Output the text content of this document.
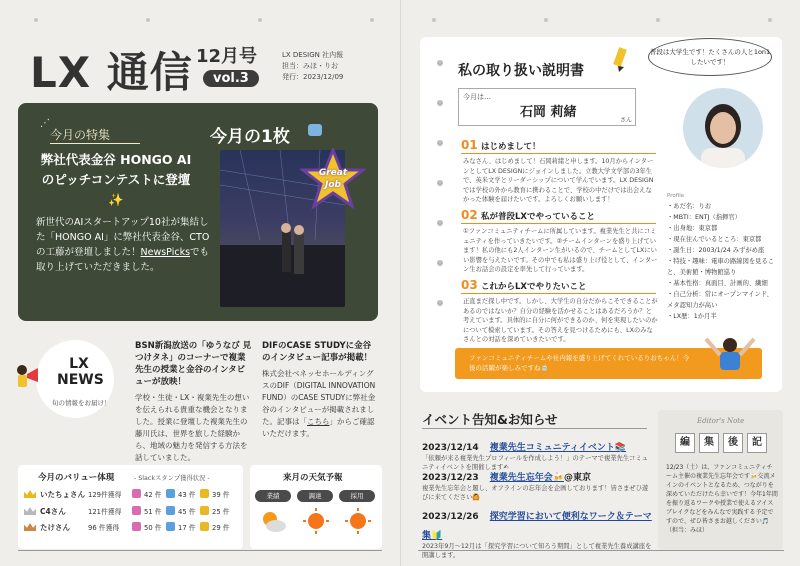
LX 通信 12月号
vol.3
LX DESIGN 社内報
担当：みほ・りお
発行：2023/12/09
⋰
今月の特集
弊社代表金谷 HONGO AIのピッチコンテストに登壇✨
新世代のAIスタートアップ10社が集結した「HONGO AI」に弊社代表金谷、CTOの工藤が登壇しました！NewsPicksでも取り上げていただきました。
今月の1枚
Great
Job
LX
NEWS
旬の情報をお届け！
BSN新潟放送の「ゆうなび 見つけタネ」のコーナーで複業先生の授業と金谷のインタビューが放映！
学校・生徒・LX・複業先生の想いを伝えられる貴重な機会となりました。授業に登壇した複業先生の藤川氏は、世界を旅した経験から、地域の魅力を発信する方法を話していました。
DIFのCASE STUDYに金谷のインタビュー記事が掲載！
株式会社ベネッセホールディングスのDIF（DIGITAL INNOVATION FUND）のCASE STUDYに弊社金谷のインタビューが掲載されました。記事は「こちら」からご確認いただけます。
今月のバリュー体現	- Slackスタンプ獲得状況 -
いたちょさん 129件獲得	42 件 43 件 39 件
C4さん	121件獲得	51 件 45 件 25 件
たけさん	96 件獲得	50 件 17 件 29 件
来月の天気予報
業績	調達	採用
私の取り扱い説明書
普段は大学生です！たくさんの人と1on1したいです！
今月は…
石岡 莉緒
さん
01 はじめまして！
みなさん、はじめまして！石岡莉緒と申します。10月からインターンとしてLX DESIGNにジョインしました。立教大学文学部の3年生で、英米文学とリーダーシップについて学んでいます。LX DESIGNでは学校の外から教育に携わることで、学校の中だけでは出会えなかった体験を届けたいです。よろしくお願いします！
02 私が普段LXでやっていること
①ファンコミュニティチームに所属しています。複業先生と共にコミュニティを作っていきたいです。②チームインターンを盛り上げています！私の他にも2人インターン生がいるので、チームとしてLXにいい影響を与えたいです。その中でも私は盛り上げ役として、インターン生お話会の設定を率先して行っています。
03 これからLXでやりたいこと
正直まだ探し中です。しかし、大学生の自分だからこそできることがあるのではないか？自分の経験を活かせることはあるだろうか？と考えています。具体的に自分に何ができるのか、何を実現したいのかについて模索しています。その答えを見つけるためにも、LXのみなさんとの対話を深めていきたいです。
Profile
・あだ名：りお
・MBTI：ENTJ（指揮官）
・出身地：東京都
・現在住んでいるところ：東京都
・誕生日：2003/1/24 みずがめ座
・特技・趣味：電車の路線図を見ること、美術館・博物館巡り
・基本性格：真面目、計画的、繊細
・自己分析：常にオープンマインド、メタ認知力が高い
・LX歴：1か月半
ファンコミュニティチームや社内報を盛り上げてくれているりおちゃん！今後の活躍が楽しみですね🍵
イベント告知&お知らせ
2023/12/14 複業先生コミュニティイベント📚
「依頼が来る複業先生プロフィールを作成しよう！」のテーマで複業先生コミュニティイベントを開催します✍
2023/12/23 複業先生忘年会🍻@東京
複業先生忘年会と題し、オフラインの忘年会を企画しております！皆さまぜひ遊びに来てください🙆
2023/12/26 探究学習において便利なワーク＆テーマ集🔰
2023年9月〜12月は「探究学習について知ろう期間」として複業先生養成講座を開講します。
Editor's Note
編	集	後	記
12/23（土）は、ファンコミュニティチーム主催の複業先生忘年会です🍻交流メインのイベントとなるため、つながりを深めていただけたら幸いです！今年1年間を振り返るワークや授業で使えるアイスブレイクなどをみんなで実践する予定ですので、ぜひ皆さまお越しください🎵（担当：みほ）
